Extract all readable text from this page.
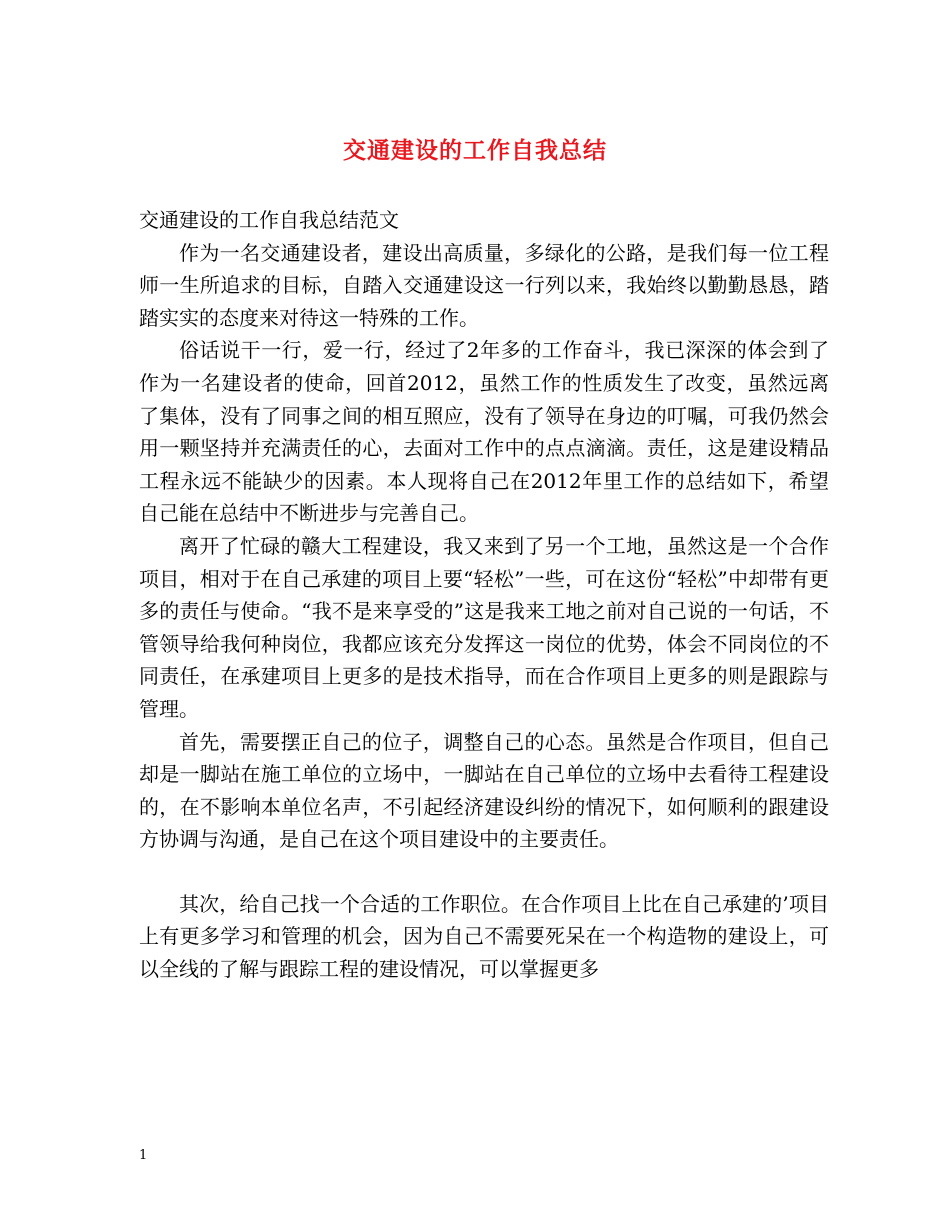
交通建设的工作自我总结

交通建设的工作自我总结范文

作为一名交通建设者，建设出高质量，多绿化的公路，是我们每一位工程师一生所追求的目标，自踏入交通建设这一行列以来，我始终以勤勤恳恳，踏踏实实的态度来对待这一特殊的工作。

俗话说干一行，爱一行，经过了2年多的工作奋斗，我已深深的体会到了作为一名建设者的使命，回首2012，虽然工作的性质发生了改变，虽然远离了集体，没有了同事之间的相互照应，没有了领导在身边的叮嘱，可我仍然会用一颗坚持并充满责任的心，去面对工作中的点点滴滴。责任，这是建设精品工程永远不能缺少的因素。本人现将自己在2012年里工作的总结如下，希望自己能在总结中不断进步与完善自己。

离开了忙碌的赣大工程建设，我又来到了另一个工地，虽然这是一个合作项目，相对于在自己承建的项目上要“轻松”一些，可在这份“轻松”中却带有更多的责任与使命。“我不是来享受的”这是我来工地之前对自己说的一句话，不管领导给我何种岗位，我都应该充分发挥这一岗位的优势，体会不同岗位的不同责任，在承建项目上更多的是技术指导，而在合作项目上更多的则是跟踪与管理。

首先，需要摆正自己的位子，调整自己的心态。虽然是合作项目，但自己却是一脚站在施工单位的立场中，一脚站在自己单位的立场中去看待工程建设的，在不影响本单位名声，不引起经济建设纠纷的情况下，如何顺利的跟建设方协调与沟通，是自己在这个项目建设中的主要责任。

其次，给自己找一个合适的工作职位。在合作项目上比在自己承建的’项目上有更多学习和管理的机会，因为自己不需要死呆在一个构造物的建设上，可以全线的了解与跟踪工程的建设情况，可以掌握更多

1
